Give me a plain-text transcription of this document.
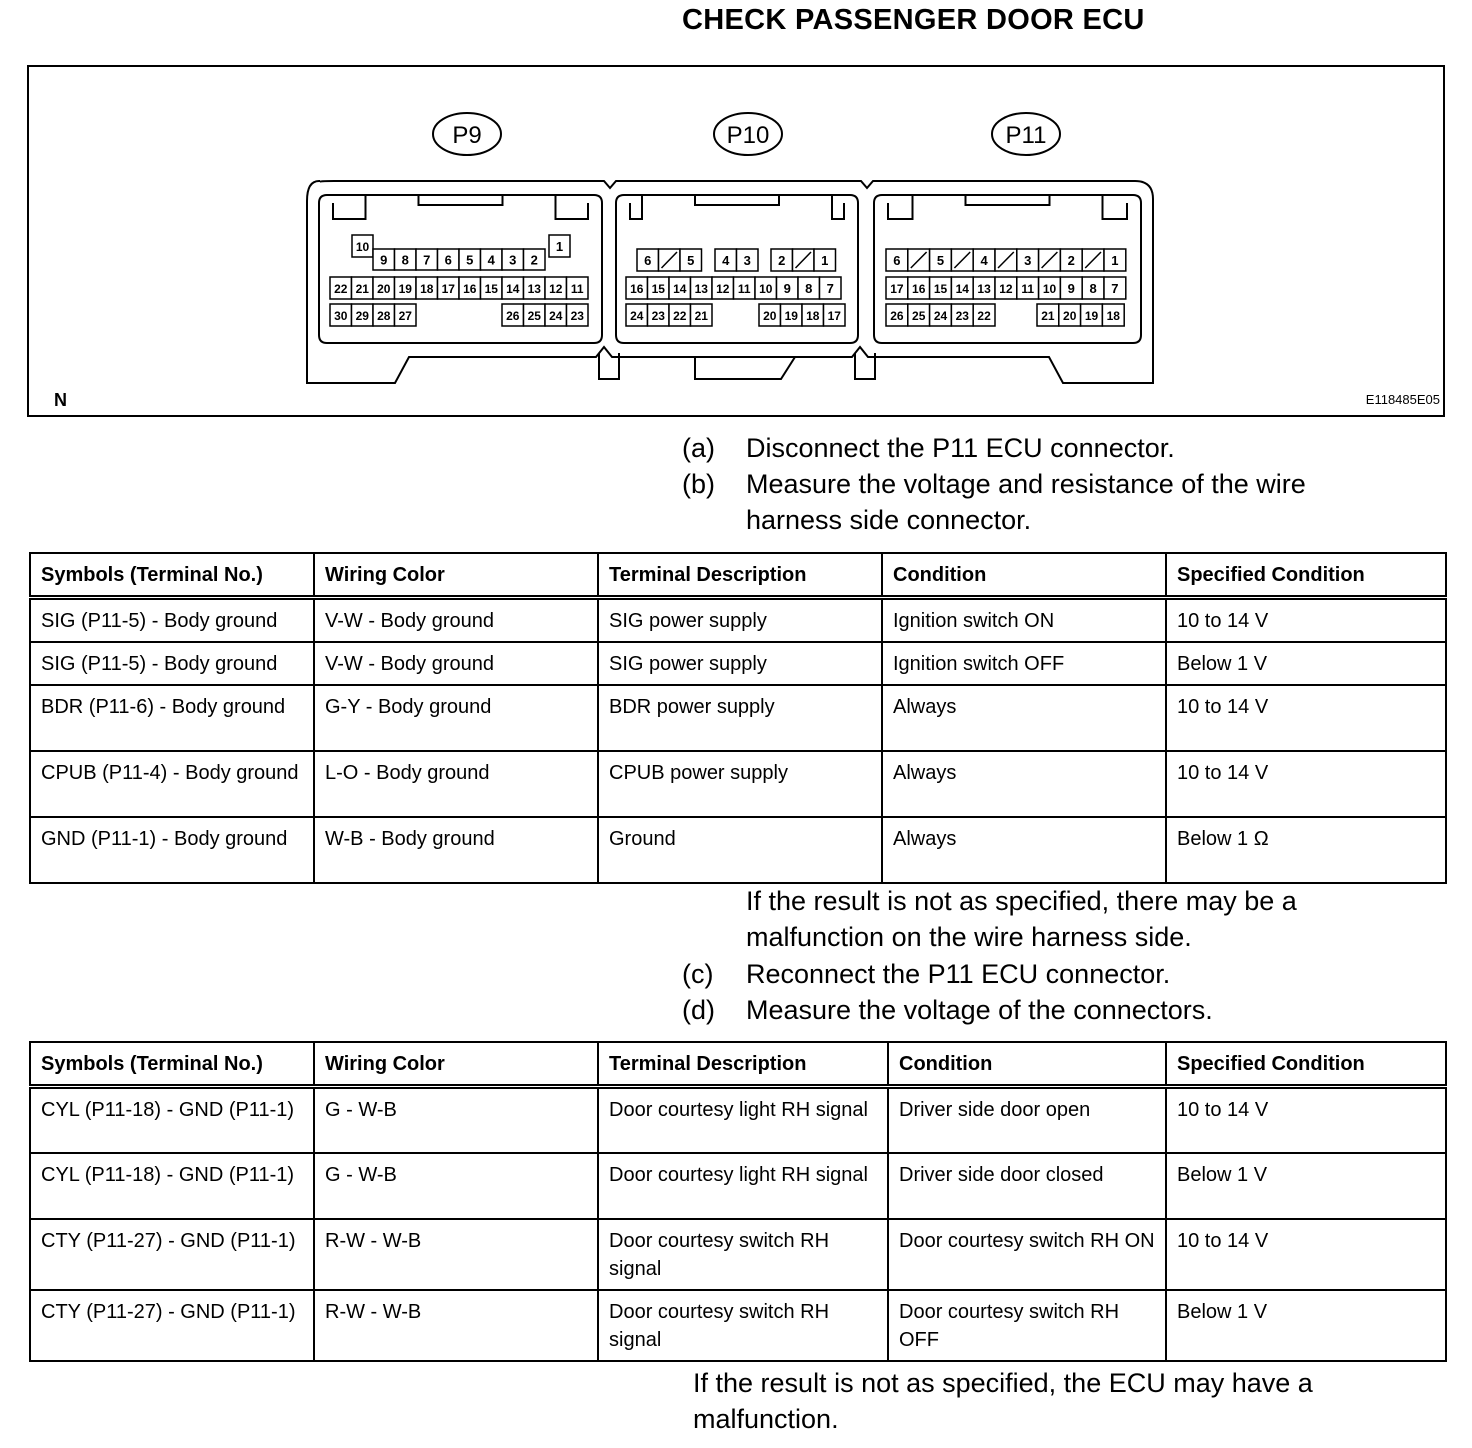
CHECK PASSENGER DOOR ECU
10
9 8 7 6 5 4 3 2
1
22 21 20 19 18 17 16 15 14 13 12 11
30 29 28 27	26 25 24 23
6	5 4 3 2	1
16 15 14 13 12 11 10 9 8 7
24 23 22 21	20 19 18 17
6	5	4	3	2	1
17 16 15 14 13 12 11 10 9 8 7
26 25 24 23 22	21 20 19 18
N	E118485E05
P9	P10	P11
(a)	Disconnect the P11 ECU connector.
(b)	Measure the voltage and resistance of the wire harness side connector.
Symbols (Terminal No.)	Wiring Color	Terminal Description	Condition	Specified Condition
SIG (P11-5) - Body ground	V-W - Body ground	SIG power supply	Ignition switch ON	10 to 14 V
SIG (P11-5) - Body ground	V-W - Body ground	SIG power supply	Ignition switch OFF	Below 1 V
BDR (P11-6) - Body ground	G-Y - Body ground	BDR power supply	Always	10 to 14 V
CPUB (P11-4) - Body ground	L-O - Body ground	CPUB power supply	Always	10 to 14 V
GND (P11-1) - Body ground	W-B - Body ground	Ground	Always	Below 1 Ω
If the result is not as specified, there may be a malfunction on the wire harness side.
(c)	Reconnect the P11 ECU connector.
(d)	Measure the voltage of the connectors.
Symbols (Terminal No.)	Wiring Color	Terminal Description	Condition	Specified Condition
CYL (P11-18) - GND (P11-1)	G - W-B	Door courtesy light RH signal	Driver side door open	10 to 14 V
CYL (P11-18) - GND (P11-1)	G - W-B	Door courtesy light RH signal	Driver side door closed	Below 1 V
CTY (P11-27) - GND (P11-1)	R-W - W-B	Door courtesy switch RH signal	Door courtesy switch RH ON	10 to 14 V
CTY (P11-27) - GND (P11-1)	R-W - W-B	Door courtesy switch RH signal	Door courtesy switch RH OFF	Below 1 V
If the result is not as specified, the ECU may have a malfunction.
